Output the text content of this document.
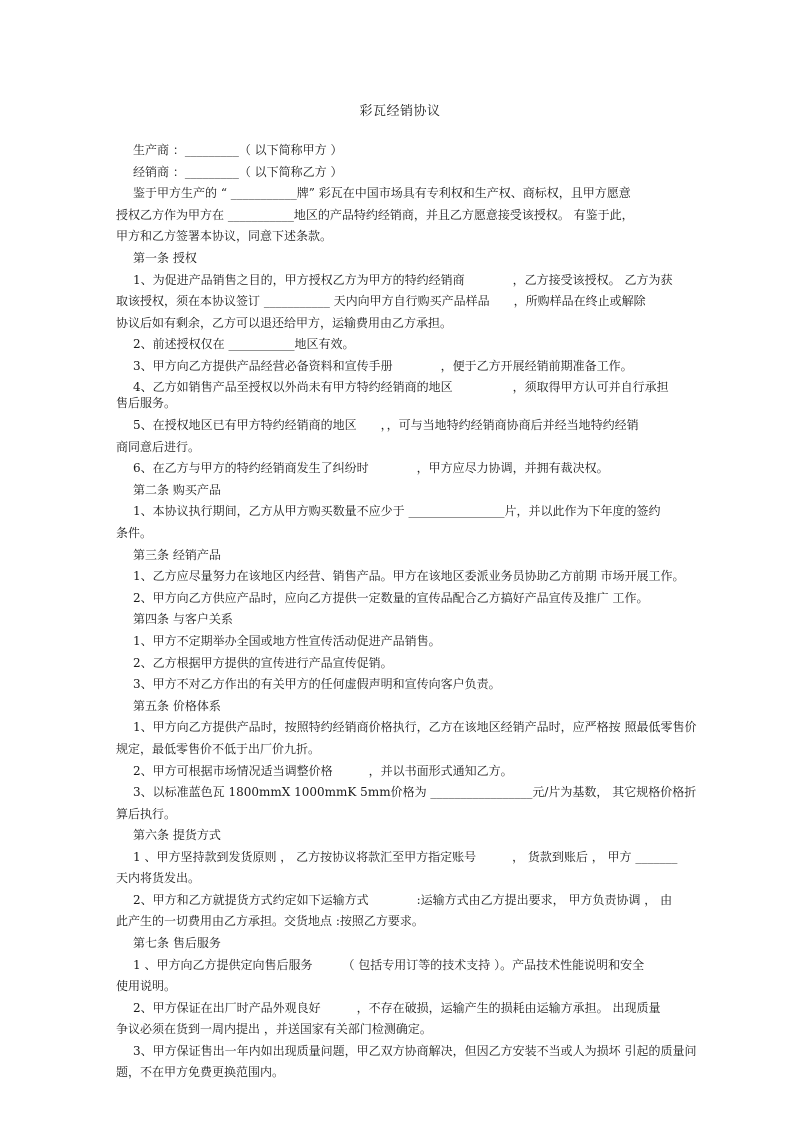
彩瓦经销协议
生产商 ：_________（ 以下简称甲方 ）
经销商 ：_________（ 以下简称乙方 ）
鉴于甲方生产的 “ ___________牌” 彩瓦在中国市场具有专利权和生产权、商标权，且甲方愿意
授权乙方作为甲方在 ___________地区的产品特约经销商，并且乙方愿意接受该授权。 有鉴于此，
甲方和乙方签署本协议，同意下述条款。
第一条 授权
1、为促进产品销售之目的，甲方授权乙方为甲方的特约经销商　　　　，乙方接受该授权。 乙方为获
取该授权，须在本协议签订 ___________ 天内向甲方自行购买产品样品　　，所购样品在终止或解除
协议后如有剩余，乙方可以退还给甲方，运输费用由乙方承担。
2、前述授权仅在 ___________地区有效。
3、甲方向乙方提供产品经营必备资料和宣传手册　　　　，便于乙方开展经销前期准备工作。
4、乙方如销售产品至授权以外尚未有甲方特约经销商的地区　　　　　，须取得甲方认可并自行承担
售后服务。
5、在授权地区已有甲方特约经销商的地区　　，，可与当地特约经销商协商后并经当地特约经销
商同意后进行。
6、在乙方与甲方的特约经销商发生了纠纷时　　　　，甲方应尽力协调，并拥有裁决权。
第二条 购买产品
1、本协议执行期间，乙方从甲方购买数量不应少于 ________________片，并以此作为下年度的签约
条件。
第三条 经销产品
1、乙方应尽量努力在该地区内经营、销售产品。甲方在该地区委派业务员协助乙方前期 市场开展工作。
2、甲方向乙方供应产品时，应向乙方提供一定数量的宣传品配合乙方搞好产品宣传及推广 工作。
第四条 与客户关系
1、甲方不定期举办全国或地方性宣传活动促进产品销售。
2、乙方根据甲方提供的宣传进行产品宣传促销。
3、甲方不对乙方作出的有关甲方的任何虚假声明和宣传向客户负责。
第五条 价格体系
1、甲方向乙方提供产品时，按照特约经销商价格执行，乙方在该地区经销产品时，应严格按 照最低零售价
规定，最低零售价不低于出厂价九折。
2、甲方可根据市场情况适当调整价格　　　，并以书面形式通知乙方。
3、以标准蓝色瓦 1800mmX 1000mmK 5mm价格为 _________________元/片为基数， 其它规格价格折
算后执行。
第六条 提货方式
1 、甲方坚持款到发货原则 ， 乙方按协议将款汇至甲方指定账号　　　， 货款到账后 ， 甲方 _______
天内将货发出。
2、甲方和乙方就提货方式约定如下运输方式　　　　:运输方式由乙方提出要求， 甲方负责协调 ， 由
此产生的一切费用由乙方承担。交货地点 :按照乙方要求。
第七条 售后服务
1 、甲方向乙方提供定向售后服务　　　（ 包括专用订等的技术支持 ）。产品技术性能说明和安全
使用说明。
2、甲方保证在出厂时产品外观良好　　　，不存在破损，运输产生的损耗由运输方承担。 出现质量
争议必须在货到一周内提出 ，并送国家有关部门检测确定。
3、甲方保证售出一年内如出现质量问题，甲乙双方协商解决，但因乙方安装不当或人为损坏 引起的质量问
题，不在甲方免费更换范围内。
